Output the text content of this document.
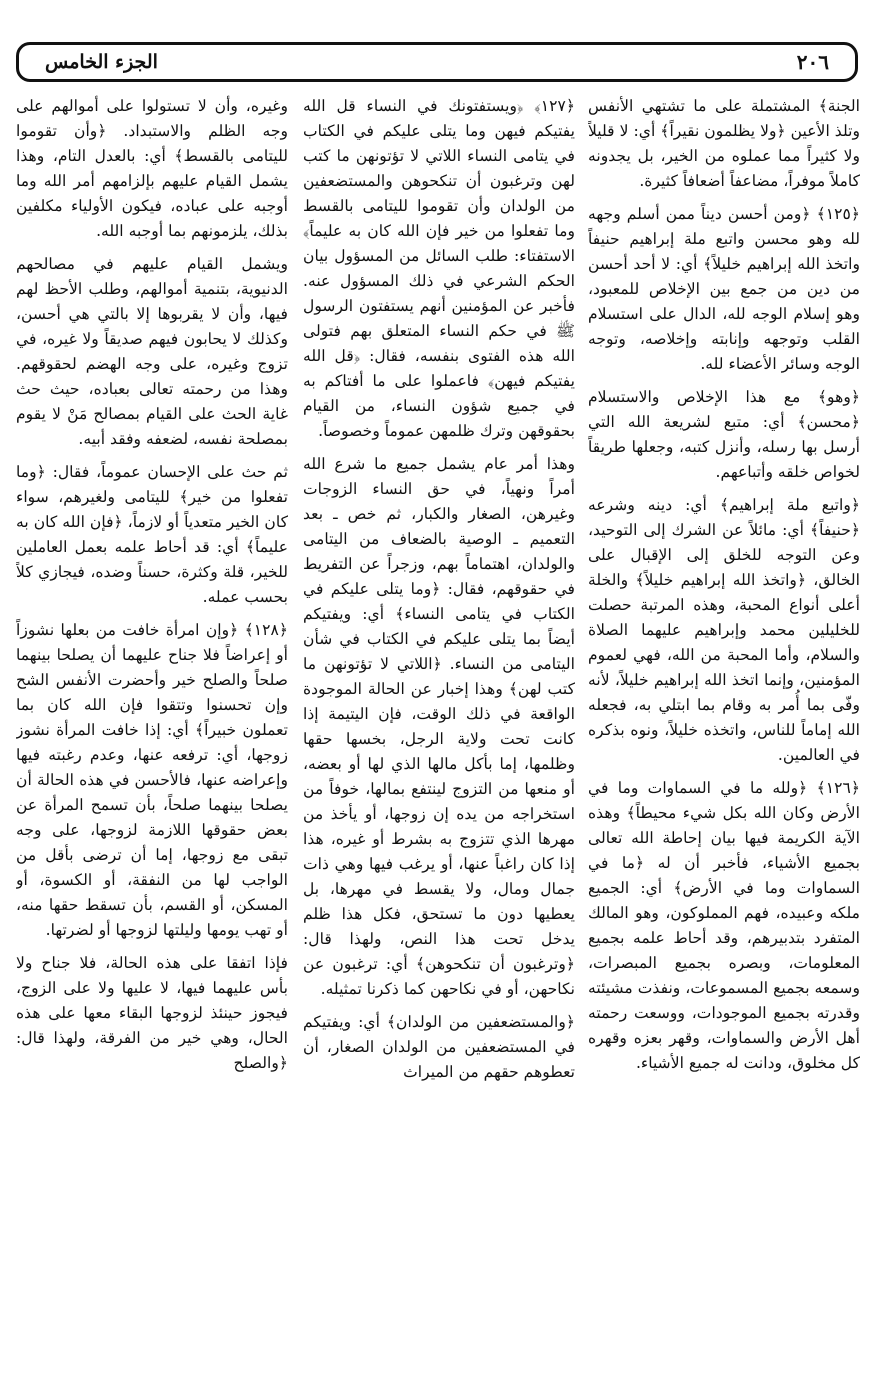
الجزء الخامس	٢٠٦

الجنة﴾ المشتملة على ما تشتهي الأنفس وتلذ الأعين ﴿ولا يظلمون نقيراً﴾ أي: لا قليلاً ولا كثيراً مما عملوه من الخير، بل يجدونه كاملاً موفراً، مضاعفاً أضعافاً كثيرة.

﴿١٢٥﴾ ﴿ومن أحسن ديناً ممن أسلم وجهه لله وهو محسن واتبع ملة إبراهيم حنيفاً واتخذ الله إبراهيم خليلاً﴾ أي: لا أحد أحسن من دين من جمع بين الإخلاص للمعبود، وهو إسلام الوجه لله، الدال على استسلام القلب وتوجهه وإنابته وإخلاصه، وتوجه الوجه وسائر الأعضاء لله.

﴿وهو﴾ مع هذا الإخلاص والاستسلام ﴿محسن﴾ أي: متبع لشريعة الله التي أرسل بها رسله، وأنزل كتبه، وجعلها طريقاً لخواص خلقه وأتباعهم.

﴿واتبع ملة إبراهيم﴾ أي: دينه وشرعه ﴿حنيفاً﴾ أي: مائلاً عن الشرك إلى التوحيد، وعن التوجه للخلق إلى الإقبال على الخالق، ﴿واتخذ الله إبراهيم خليلاً﴾ والخلة أعلى أنواع المحبة، وهذه المرتبة حصلت للخليلين محمد وإبراهيم عليهما الصلاة والسلام، وأما المحبة من الله، فهي لعموم المؤمنين، وإنما اتخذ الله إبراهيم خليلاً، لأنه وفّى بما أُمر به وقام بما ابتلي به، فجعله الله إماماً للناس، واتخذه خليلاً، ونوه بذكره في العالمين.

﴿١٢٦﴾ ﴿ولله ما في السماوات وما في الأرض وكان الله بكل شيء محيطاً﴾ وهذه الآية الكريمة فيها بيان إحاطة الله تعالى بجميع الأشياء، فأخبر أن له ﴿ما في السماوات وما في الأرض﴾ أي: الجميع ملكه وعبيده، فهم المملوكون، وهو المالك المتفرد بتدبيرهم، وقد أحاط علمه بجميع المعلومات، وبصره بجميع المبصرات، وسمعه بجميع المسموعات، ونفذت مشيئته وقدرته بجميع الموجودات، ووسعت رحمته أهل الأرض والسماوات، وقهر بعزه وقهره كل مخلوق، ودانت له جميع الأشياء.

﴿١٢٧﴾ ﴿ويستفتونك في النساء قل الله يفتيكم فيهن وما يتلى عليكم في الكتاب في يتامى النساء اللاتي لا تؤتونهن ما كتب لهن وترغبون أن تنكحوهن والمستضعفين من الولدان وأن تقوموا لليتامى بالقسط وما تفعلوا من خير فإن الله كان به عليماً﴾ الاستفتاء: طلب السائل من المسؤول بيان الحكم الشرعي في ذلك المسؤول عنه. فأخبر عن المؤمنين أنهم يستفتون الرسول ﷺ في حكم النساء المتعلق بهم فتولى الله هذه الفتوى بنفسه، فقال: ﴿قل الله يفتيكم فيهن﴾ فاعملوا على ما أفتاكم به في جميع شؤون النساء، من القيام بحقوقهن وترك ظلمهن عموماً وخصوصاً.

وهذا أمر عام يشمل جميع ما شرع الله أمراً ونهياً، في حق النساء الزوجات وغيرهن، الصغار والكبار، ثم خص ـ بعد التعميم ـ الوصية بالضعاف من اليتامى والولدان، اهتماماً بهم، وزجراً عن التفريط في حقوقهم، فقال: ﴿وما يتلى عليكم في الكتاب في يتامى النساء﴾ أي: ويفتيكم أيضاً بما يتلى عليكم في الكتاب في شأن اليتامى من النساء. ﴿اللاتي لا تؤتونهن ما كتب لهن﴾ وهذا إخبار عن الحالة الموجودة الواقعة في ذلك الوقت، فإن اليتيمة إذا كانت تحت ولاية الرجل، بخسها حقها وظلمها، إما بأكل مالها الذي لها أو بعضه، أو منعها من التزوج لينتفع بمالها، خوفاً من استخراجه من يده إن زوجها، أو يأخذ من مهرها الذي تتزوج به بشرط أو غيره، هذا إذا كان راغباً عنها، أو يرغب فيها وهي ذات جمال ومال، ولا يقسط في مهرها، بل يعطيها دون ما تستحق، فكل هذا ظلم يدخل تحت هذا النص، ولهذا قال: ﴿وترغبون أن تنكحوهن﴾ أي: ترغبون عن نكاحهن، أو في نكاحهن كما ذكرنا تمثيله.

﴿والمستضعفين من الولدان﴾ أي: ويفتيكم في المستضعفين من الولدان الصغار، أن تعطوهم حقهم من الميراث

وغيره، وأن لا تستولوا على أموالهم على وجه الظلم والاستبداد. ﴿وأن تقوموا لليتامى بالقسط﴾ أي: بالعدل التام، وهذا يشمل القيام عليهم بإلزامهم أمر الله وما أوجبه على عباده، فيكون الأولياء مكلفين بذلك، يلزمونهم بما أوجبه الله.

ويشمل القيام عليهم في مصالحهم الدنيوية، بتنمية أموالهم، وطلب الأحظ لهم فيها، وأن لا يقربوها إلا بالتي هي أحسن، وكذلك لا يحابون فيهم صديقاً ولا غيره، في تزوج وغيره، على وجه الهضم لحقوقهم. وهذا من رحمته تعالى بعباده، حيث حث غاية الحث على القيام بمصالح مَنْ لا يقوم بمصلحة نفسه، لضعفه وفقد أبيه.

ثم حث على الإحسان عموماً، فقال: ﴿وما تفعلوا من خير﴾ لليتامى ولغيرهم، سواء كان الخير متعدياً أو لازماً، ﴿فإن الله كان به عليماً﴾ أي: قد أحاط علمه بعمل العاملين للخير، قلة وكثرة، حسناً وضده، فيجازي كلاً بحسب عمله.

﴿١٢٨﴾ ﴿وإن امرأة خافت من بعلها نشوزاً أو إعراضاً فلا جناح عليهما أن يصلحا بينهما صلحاً والصلح خير وأحضرت الأنفس الشح وإن تحسنوا وتتقوا فإن الله كان بما تعملون خبيراً﴾ أي: إذا خافت المرأة نشوز زوجها، أي: ترفعه عنها، وعدم رغبته فيها وإعراضه عنها، فالأحسن في هذه الحالة أن يصلحا بينهما صلحاً، بأن تسمح المرأة عن بعض حقوقها اللازمة لزوجها، على وجه تبقى مع زوجها، إما أن ترضى بأقل من الواجب لها من النفقة، أو الكسوة، أو المسكن، أو القسم، بأن تسقط حقها منه، أو تهب يومها وليلتها لزوجها أو لضرتها.

فإذا اتفقا على هذه الحالة، فلا جناح ولا بأس عليهما فيها، لا عليها ولا على الزوج، فيجوز حينئذ لزوجها البقاء معها على هذه الحال، وهي خير من الفرقة، ولهذا قال: ﴿والصلح
